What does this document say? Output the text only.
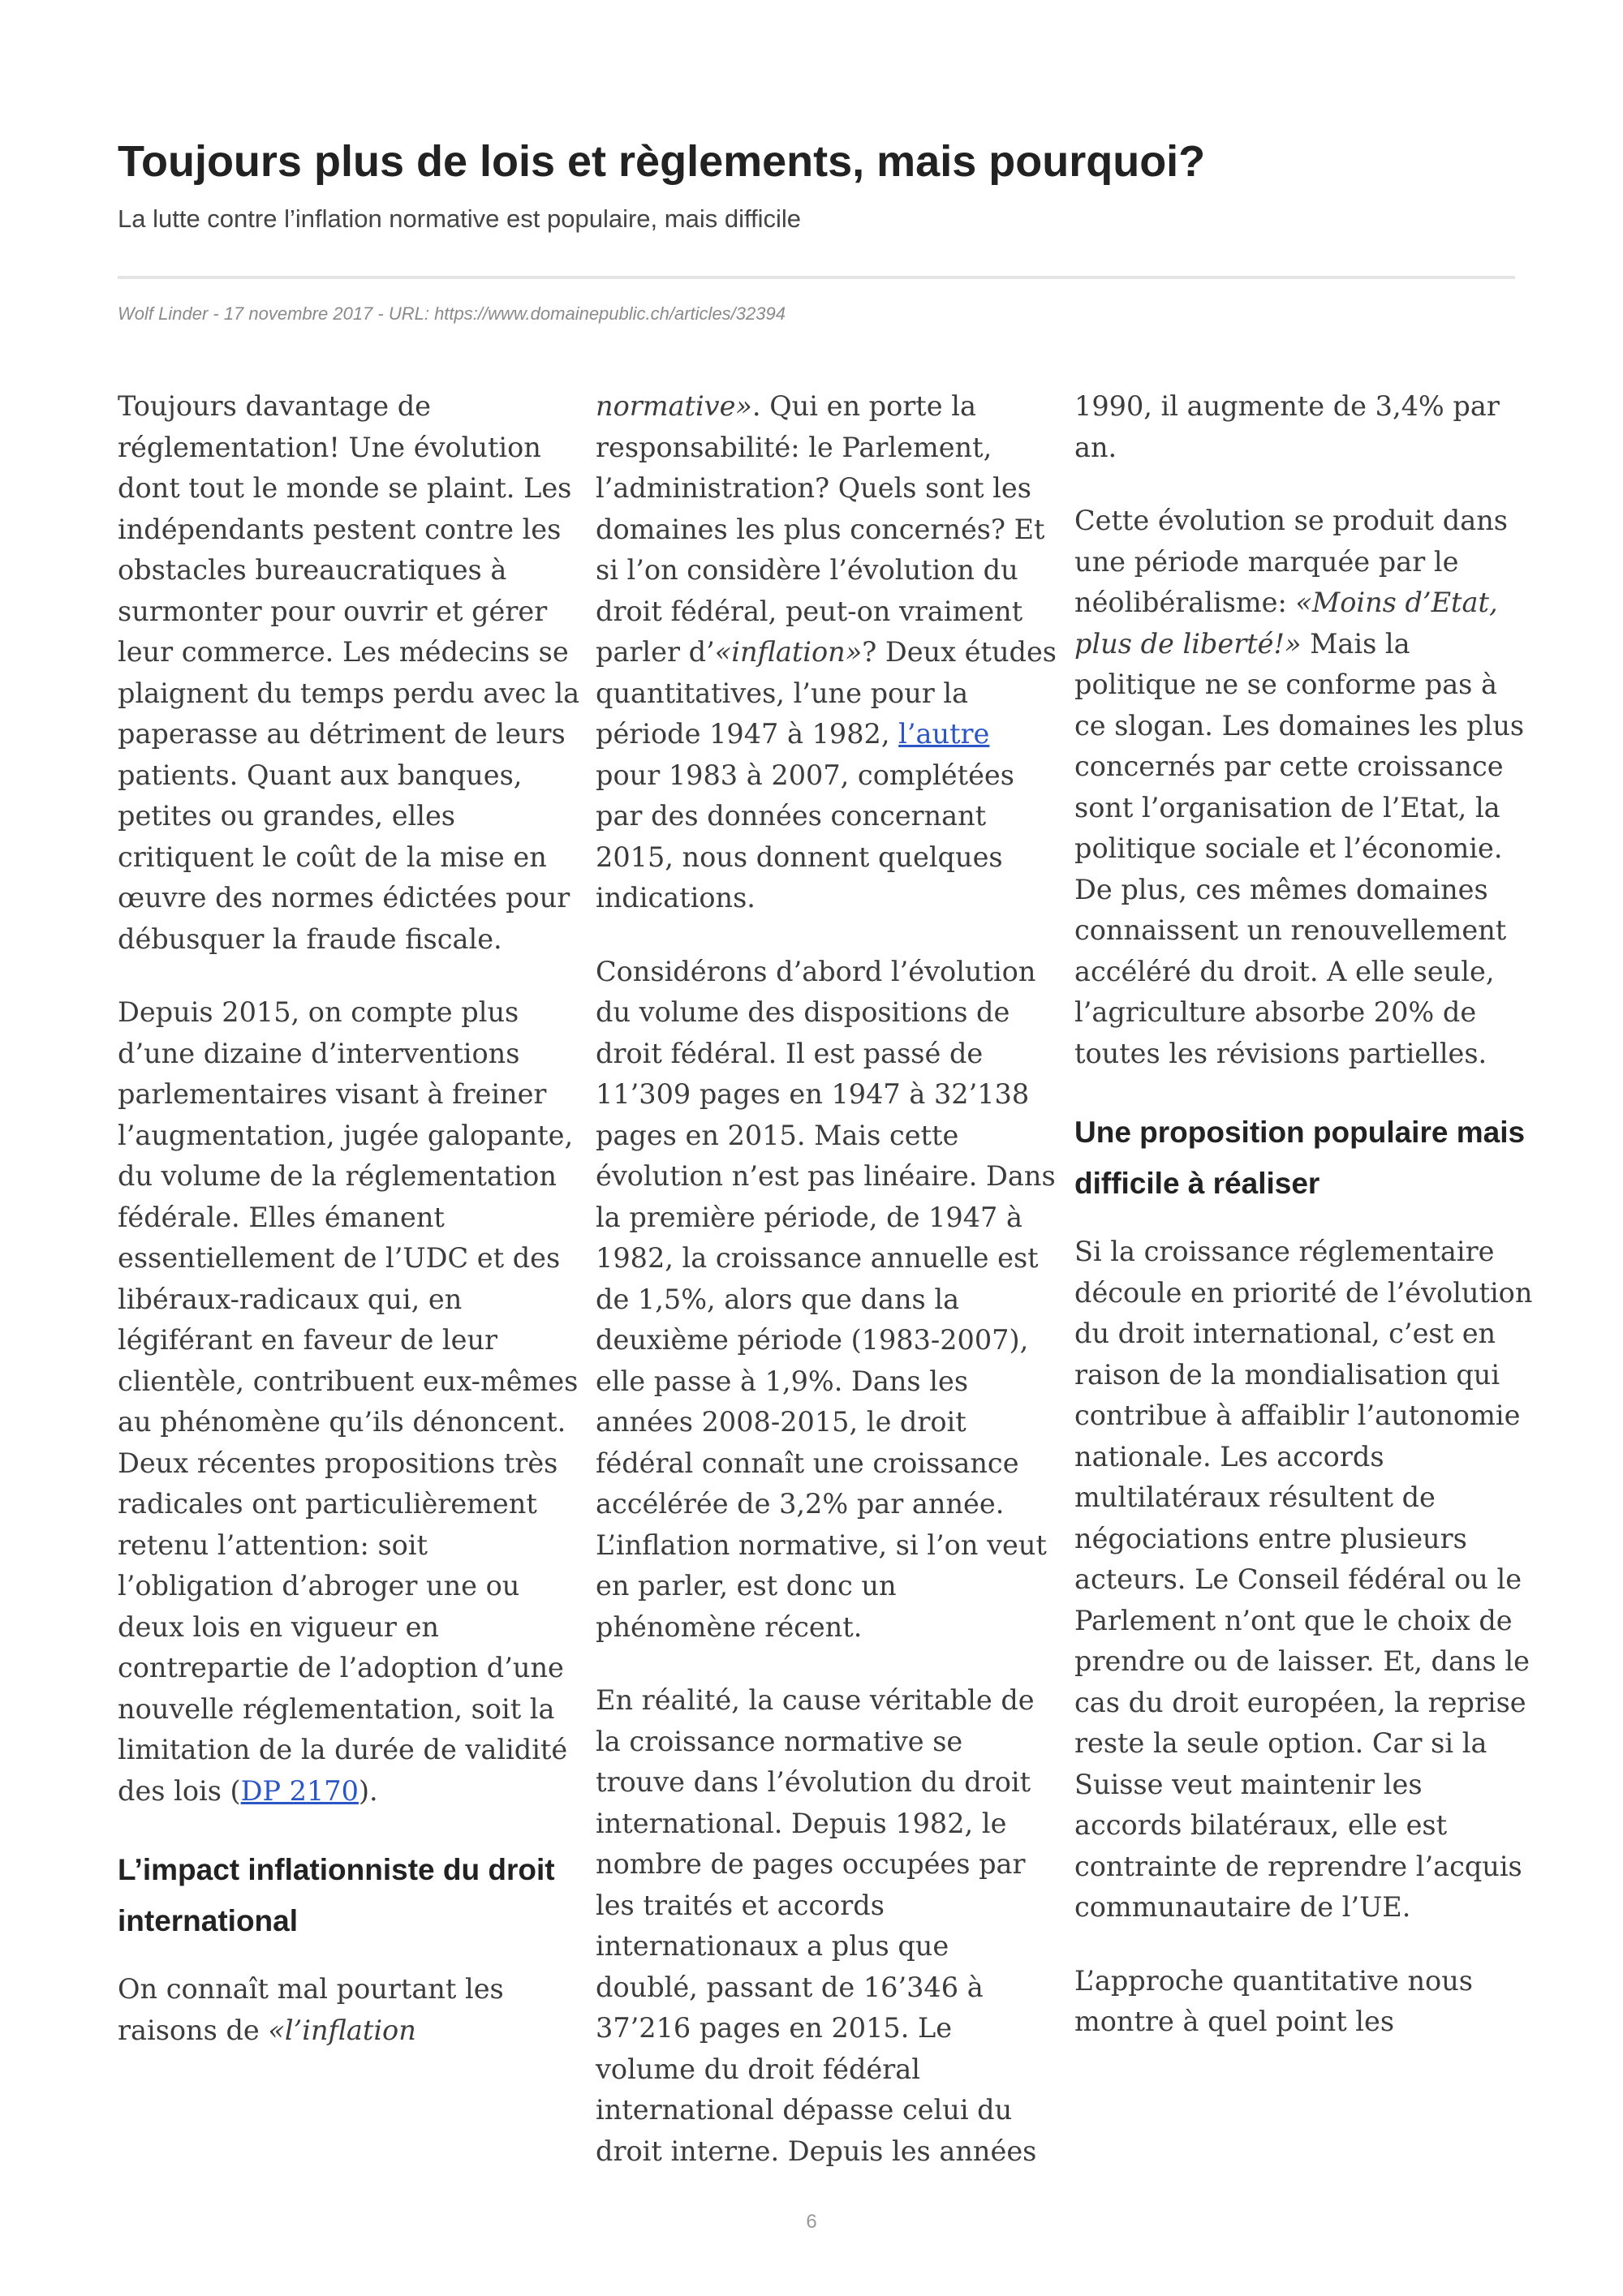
Toujours plus de lois et règlements, mais pourquoi?

La lutte contre l’inflation normative est populaire, mais difficile

Wolf Linder - 17 novembre 2017 - URL: https://www.domainepublic.ch/articles/32394

Toujours davantage de réglementation! Une évolution dont tout le monde se plaint. Les indépendants pestent contre les obstacles bureaucratiques à surmonter pour ouvrir et gérer leur commerce. Les médecins se plaignent du temps perdu avec la paperasse au détriment de leurs patients. Quant aux banques, petites ou grandes, elles critiquent le coût de la mise en œuvre des normes édictées pour débusquer la fraude fiscale.

Depuis 2015, on compte plus d’une dizaine d’interventions parlementaires visant à freiner l’augmentation, jugée galopante, du volume de la réglementation fédérale. Elles émanent essentiellement de l’UDC et des libéraux-radicaux qui, en légiférant en faveur de leur clientèle, contribuent eux-mêmes au phénomène qu’ils dénoncent. Deux récentes propositions très radicales ont particulièrement retenu l’attention: soit l’obligation d’abroger une ou deux lois en vigueur en contrepartie de l’adoption d’une nouvelle réglementation, soit la limitation de la durée de validité des lois (DP 2170).

L’impact inflationniste du droit international

On connaît mal pourtant les raisons de «l’inflation

normative». Qui en porte la responsabilité: le Parlement, l’administration? Quels sont les domaines les plus concernés? Et si l’on considère l’évolution du droit fédéral, peut-on vraiment parler d’«inflation»? Deux études quantitatives, l’une pour la période 1947 à 1982, l’autre pour 1983 à 2007, complétées par des données concernant 2015, nous donnent quelques indications.

Considérons d’abord l’évolution du volume des dispositions de droit fédéral. Il est passé de 11’309 pages en 1947 à 32’138 pages en 2015. Mais cette évolution n’est pas linéaire. Dans la première période, de 1947 à 1982, la croissance annuelle est de 1,5%, alors que dans la deuxième période (1983-2007), elle passe à 1,9%. Dans les années 2008-2015, le droit fédéral connaît une croissance accélérée de 3,2% par année. L’inflation normative, si l’on veut en parler, est donc un phénomène récent.

En réalité, la cause véritable de la croissance normative se trouve dans l’évolution du droit international. Depuis 1982, le nombre de pages occupées par les traités et accords internationaux a plus que doublé, passant de 16’346 à 37’216 pages en 2015. Le volume du droit fédéral international dépasse celui du droit interne. Depuis les années

1990, il augmente de 3,4% par an.

Cette évolution se produit dans une période marquée par le néolibéralisme: «Moins d’Etat, plus de liberté!» Mais la politique ne se conforme pas à ce slogan. Les domaines les plus concernés par cette croissance sont l’organisation de l’Etat, la politique sociale et l’économie. De plus, ces mêmes domaines connaissent un renouvellement accéléré du droit. A elle seule, l’agriculture absorbe 20% de toutes les révisions partielles.

Une proposition populaire mais difficile à réaliser

Si la croissance réglementaire découle en priorité de l’évolution du droit international, c’est en raison de la mondialisation qui contribue à affaiblir l’autonomie nationale. Les accords multilatéraux résultent de négociations entre plusieurs acteurs. Le Conseil fédéral ou le Parlement n’ont que le choix de prendre ou de laisser. Et, dans le cas du droit européen, la reprise reste la seule option. Car si la Suisse veut maintenir les accords bilatéraux, elle est contrainte de reprendre l’acquis communautaire de l’UE.

L’approche quantitative nous montre à quel point les

6
